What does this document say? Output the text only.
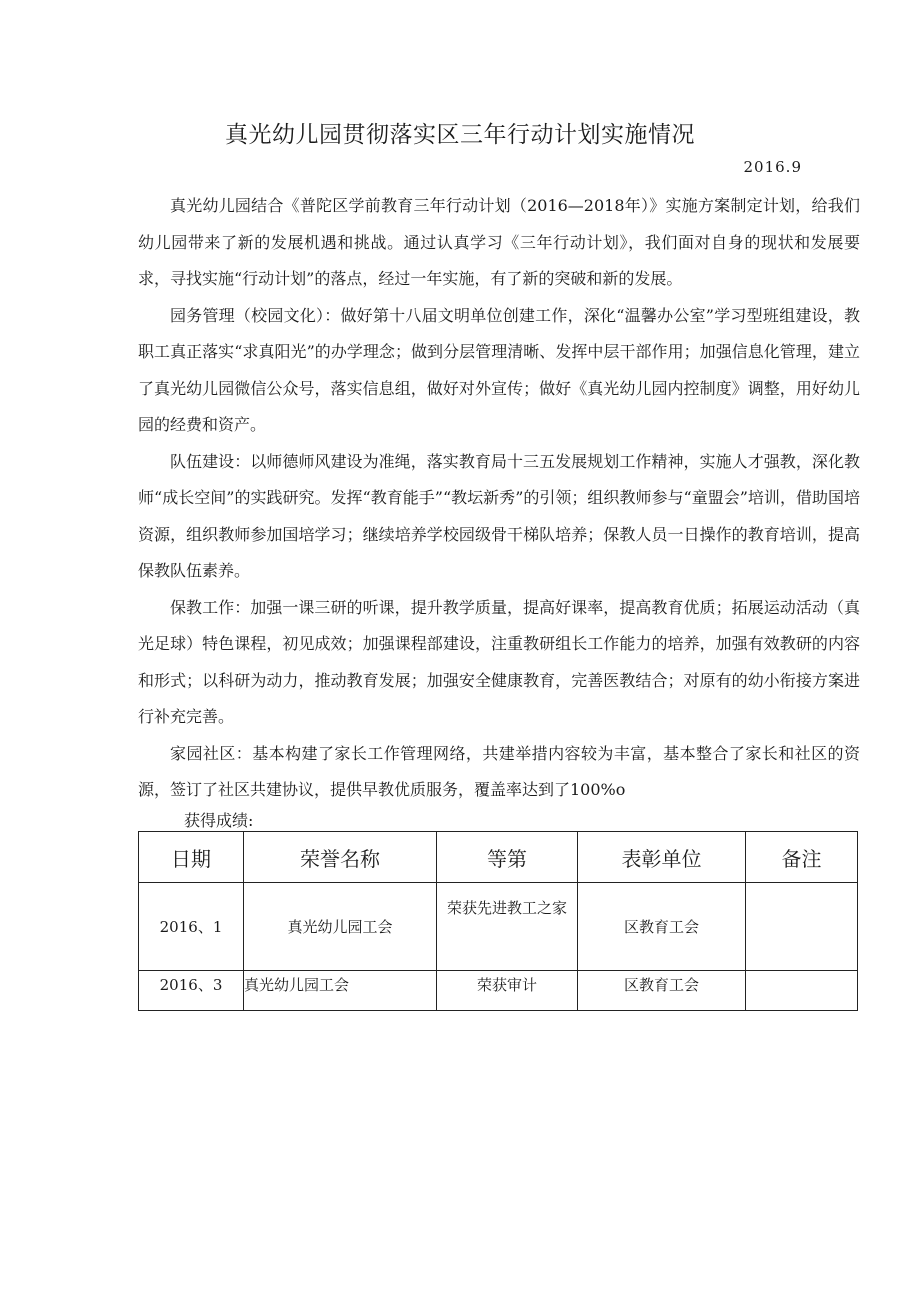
真光幼儿园贯彻落实区三年行动计划实施情况
2016.9

真光幼儿园结合《普陀区学前教育三年行动计划（2016—2018年）》实施方案制定计划，给我们幼儿园带来了新的发展机遇和挑战。通过认真学习《三年行动计划》，我们面对自身的现状和发展要求，寻找实施“行动计划”的落点，经过一年实施，有了新的突破和新的发展。

园务管理（校园文化）：做好第十八届文明单位创建工作，深化“温馨办公室”学习型班组建设，教职工真正落实“求真阳光”的办学理念；做到分层管理清晰、发挥中层干部作用；加强信息化管理，建立了真光幼儿园微信公众号，落实信息组，做好对外宣传；做好《真光幼儿园内控制度》调整，用好幼儿园的经费和资产。

队伍建设：以师德师风建设为准绳，落实教育局十三五发展规划工作精神，实施人才强教，深化教师“成长空间”的实践研究。发挥“教育能手”“教坛新秀”的引领；组织教师参与“童盟会”培训，借助国培资源，组织教师参加国培学习；继续培养学校园级骨干梯队培养；保教人员一日操作的教育培训，提高保教队伍素养。

保教工作：加强一课三研的听课，提升教学质量，提高好课率，提高教育优质；拓展运动活动（真光足球）特色课程，初见成效；加强课程部建设，注重教研组长工作能力的培养，加强有效教研的内容和形式；以科研为动力，推动教育发展；加强安全健康教育，完善医教结合；对原有的幼小衔接方案进行补充完善。

家园社区：基本构建了家长工作管理网络，共建举措内容较为丰富，基本整合了家长和社区的资源，签订了社区共建协议，提供早教优质服务，覆盖率达到了100%o

获得成绩:
日期	荣誉名称	等第	表彰单位	备注
2016、1	真光幼儿园工会	荣获先进教工之家	区教育工会	
2016、3	真光幼儿园工会	荣获审计	区教育工会	
